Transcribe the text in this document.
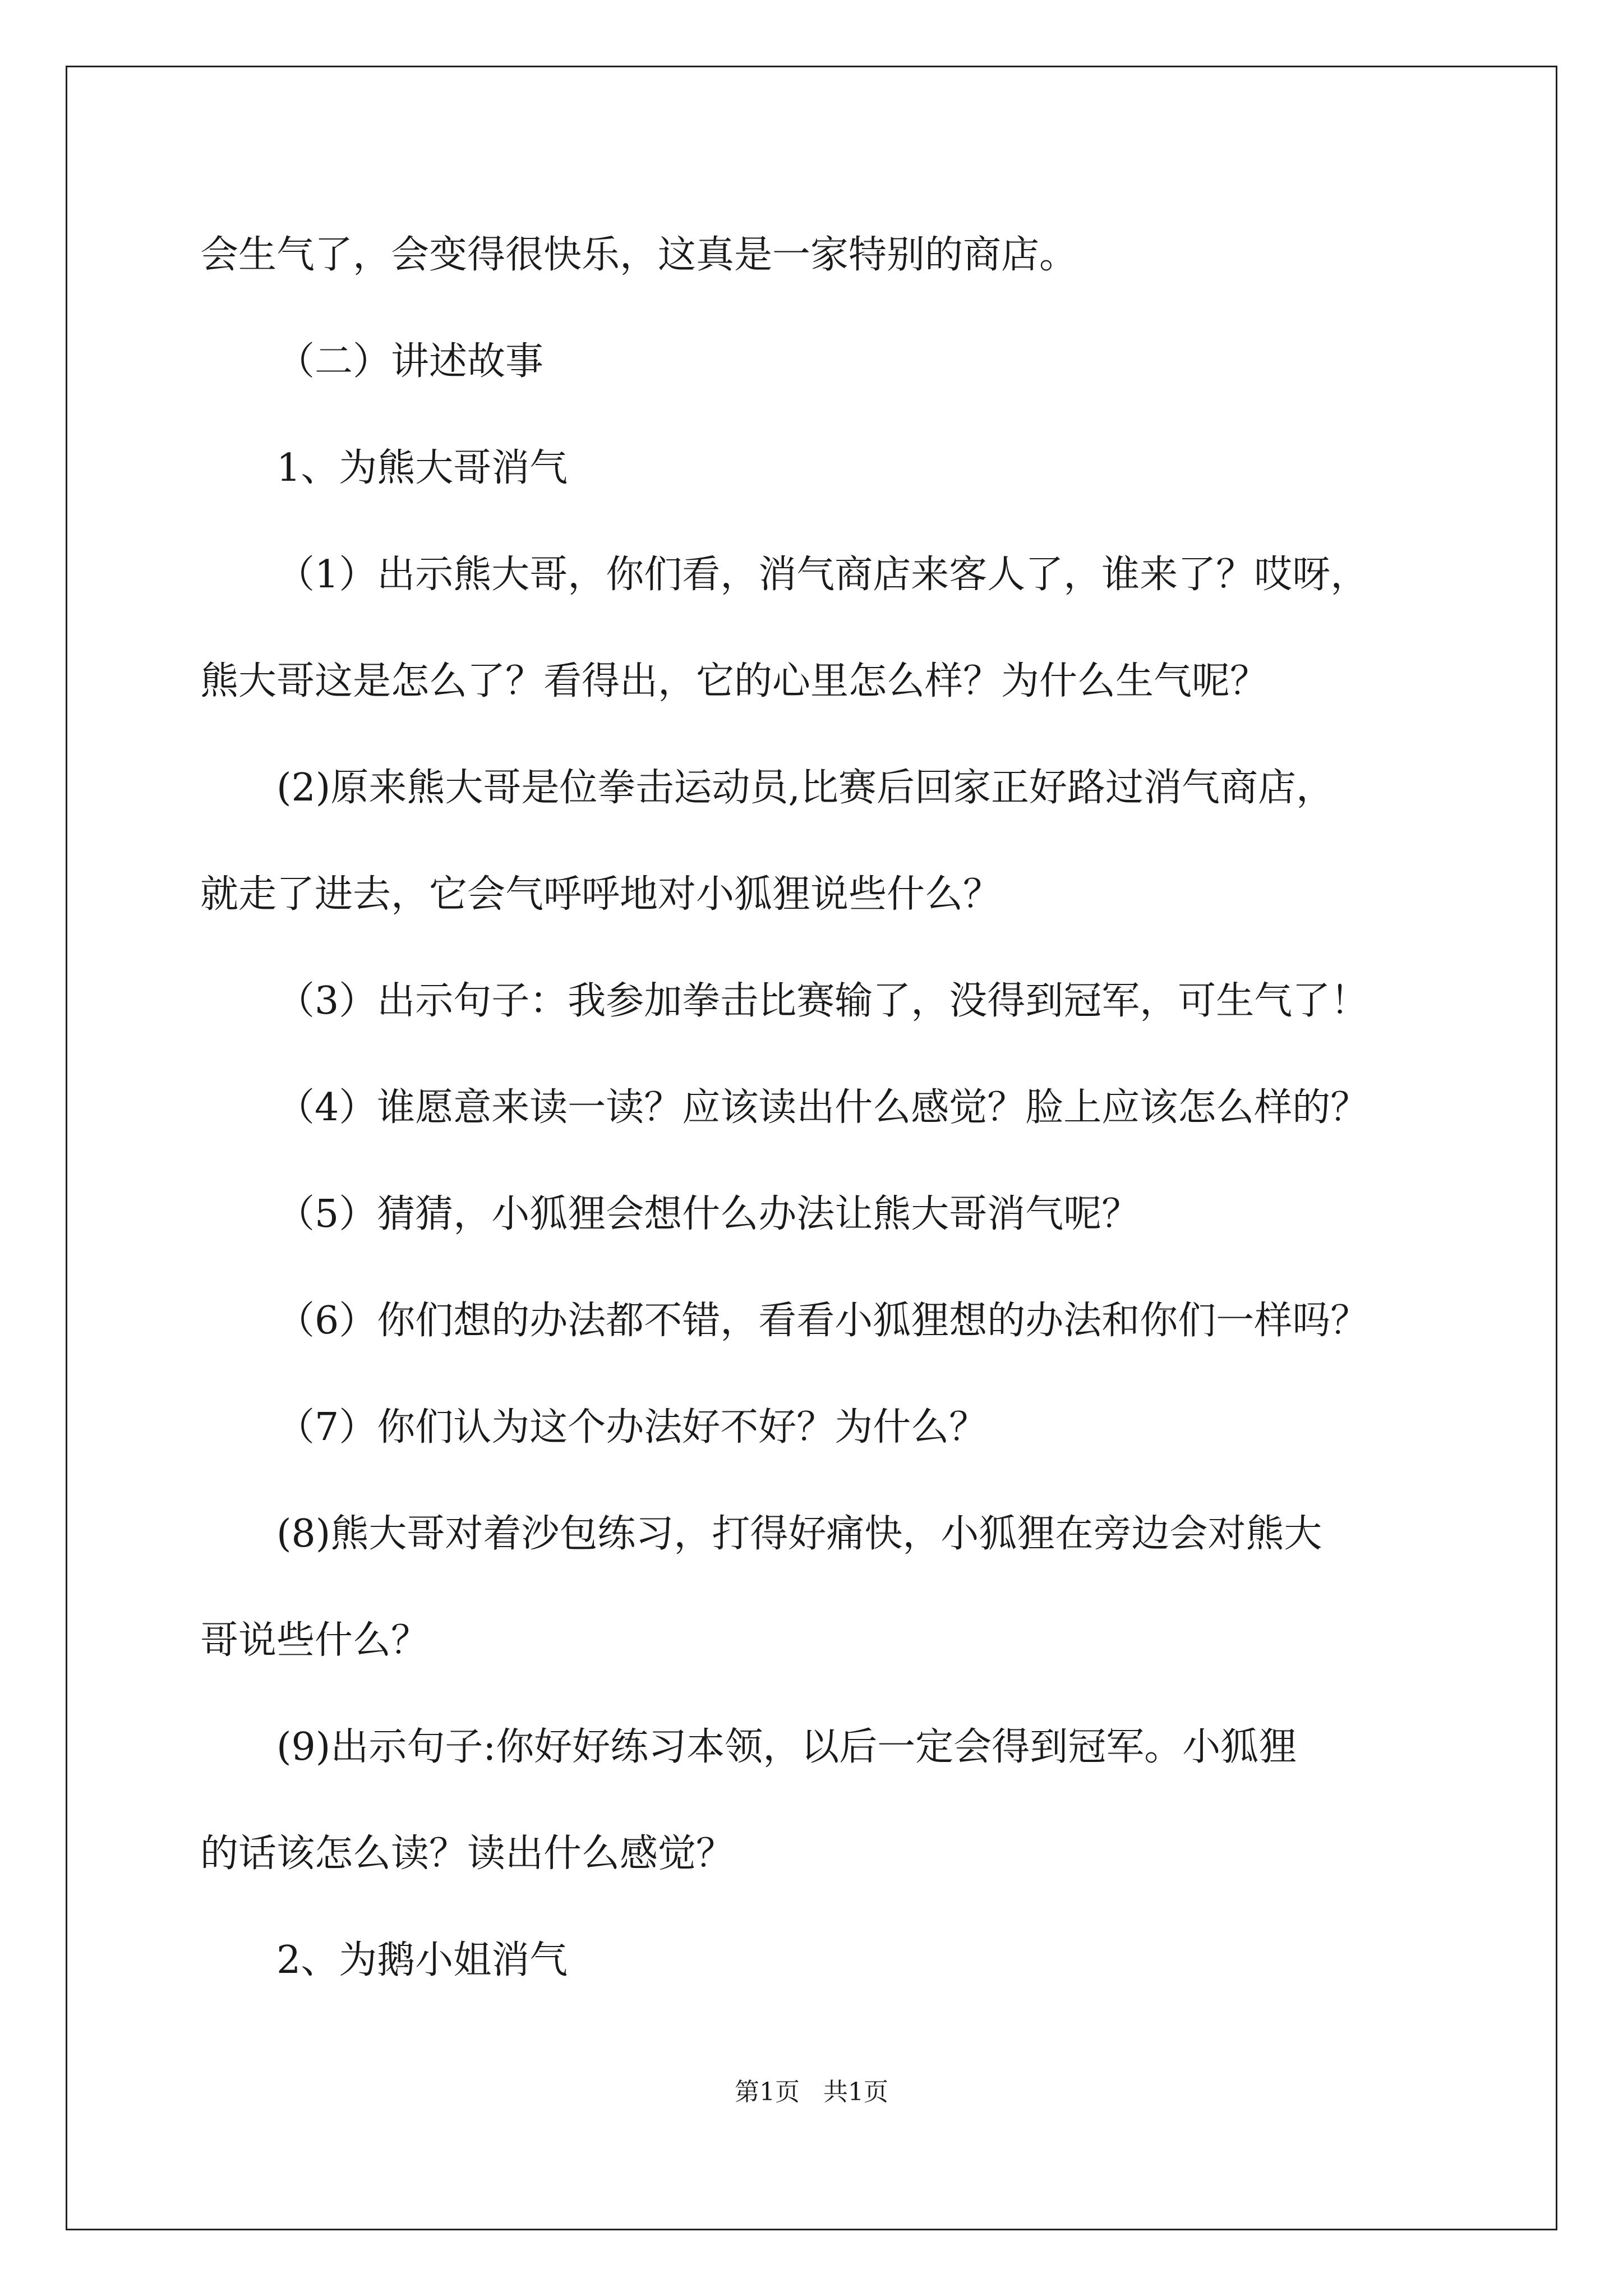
会生气了，会变得很快乐，这真是一家特别的商店。

（二）讲述故事

1、为熊大哥消气

（1）出示熊大哥，你们看，消气商店来客人了，谁来了？哎呀，

熊大哥这是怎么了？看得出，它的心里怎么样？为什么生气呢？

(2)原来熊大哥是位拳击运动员,比赛后回家正好路过消气商店，

就走了进去，它会气呼呼地对小狐狸说些什么？

（3）出示句子：我参加拳击比赛输了，没得到冠军，可生气了！

（4）谁愿意来读一读？应该读出什么感觉？脸上应该怎么样的？

（5）猜猜，小狐狸会想什么办法让熊大哥消气呢？

（6）你们想的办法都不错，看看小狐狸想的办法和你们一样吗？

（7）你们认为这个办法好不好？为什么？

(8)熊大哥对着沙包练习，打得好痛快，小狐狸在旁边会对熊大

哥说些什么？

(9)出示句子:你好好练习本领，以后一定会得到冠军。小狐狸

的话该怎么读？读出什么感觉？

2、为鹅小姐消气

第1页   共1页
